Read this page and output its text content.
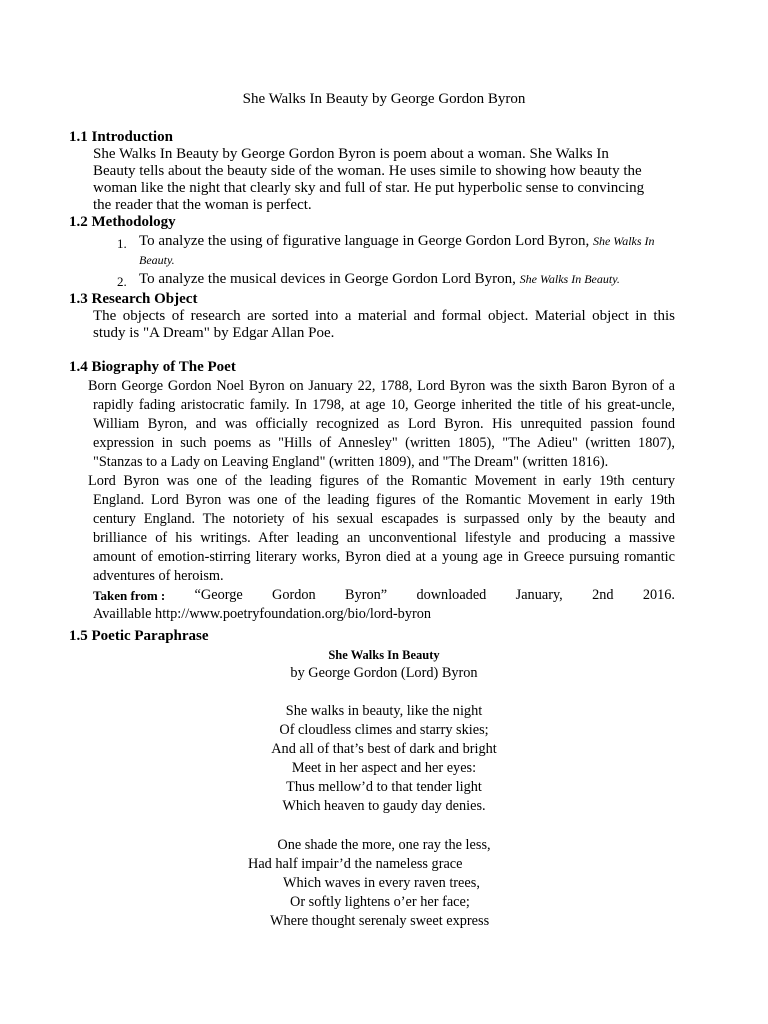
She Walks In Beauty by George Gordon Byron
1.1 Introduction
She Walks In Beauty by George Gordon Byron is poem about a woman. She Walks In
Beauty tells about the beauty side of the woman. He uses simile to showing how beauty the
woman like the night that clearly sky and full of star. He put hyperbolic sense to convincing
the reader that the woman is perfect.
1.2 Methodology
1. To analyze the using of figurative language in George Gordon Lord Byron, She Walks In
Beauty.
2. To analyze the musical devices in George Gordon Lord Byron, She Walks In Beauty.
1.3 Research Object
The objects of research are sorted into a material and formal object. Material object in this
study is "A Dream" by Edgar Allan Poe.
1.4 Biography of The Poet
Born George Gordon Noel Byron on January 22, 1788, Lord Byron was the sixth Baron Byron of a
rapidly fading aristocratic family. In 1798, at age 10, George inherited the title of his great-uncle,
William Byron, and was officially recognized as Lord Byron. His unrequited passion found
expression in such poems as "Hills of Annesley" (written 1805), "The Adieu" (written 1807),
"Stanzas to a Lady on Leaving England" (written 1809), and "The Dream" (written 1816).
Lord Byron was one of the leading figures of the Romantic Movement in early 19th century
England. Lord Byron was one of the leading figures of the Romantic Movement in early 19th
century England. The notoriety of his sexual escapades is surpassed only by the beauty and
brilliance of his writings. After leading an unconventional lifestyle and producing a massive
amount of emotion-stirring literary works, Byron died at a young age in Greece pursuing romantic
adventures of heroism.
Taken from : “George Gordon Byron” downloaded January, 2nd 2016.
Availlable http://www.poetryfoundation.org/bio/lord-byron
1.5 Poetic Paraphrase
She Walks In Beauty
by George Gordon (Lord) Byron
She walks in beauty, like the night
Of cloudless climes and starry skies;
And all of that’s best of dark and bright
Meet in her aspect and her eyes:
Thus mellow’d to that tender light
Which heaven to gaudy day denies.
One shade the more, one ray the less,
Had half impair’d the nameless grace
Which waves in every raven trees,
Or softly lightens o’er her face;
Where thought serenaly sweet express
